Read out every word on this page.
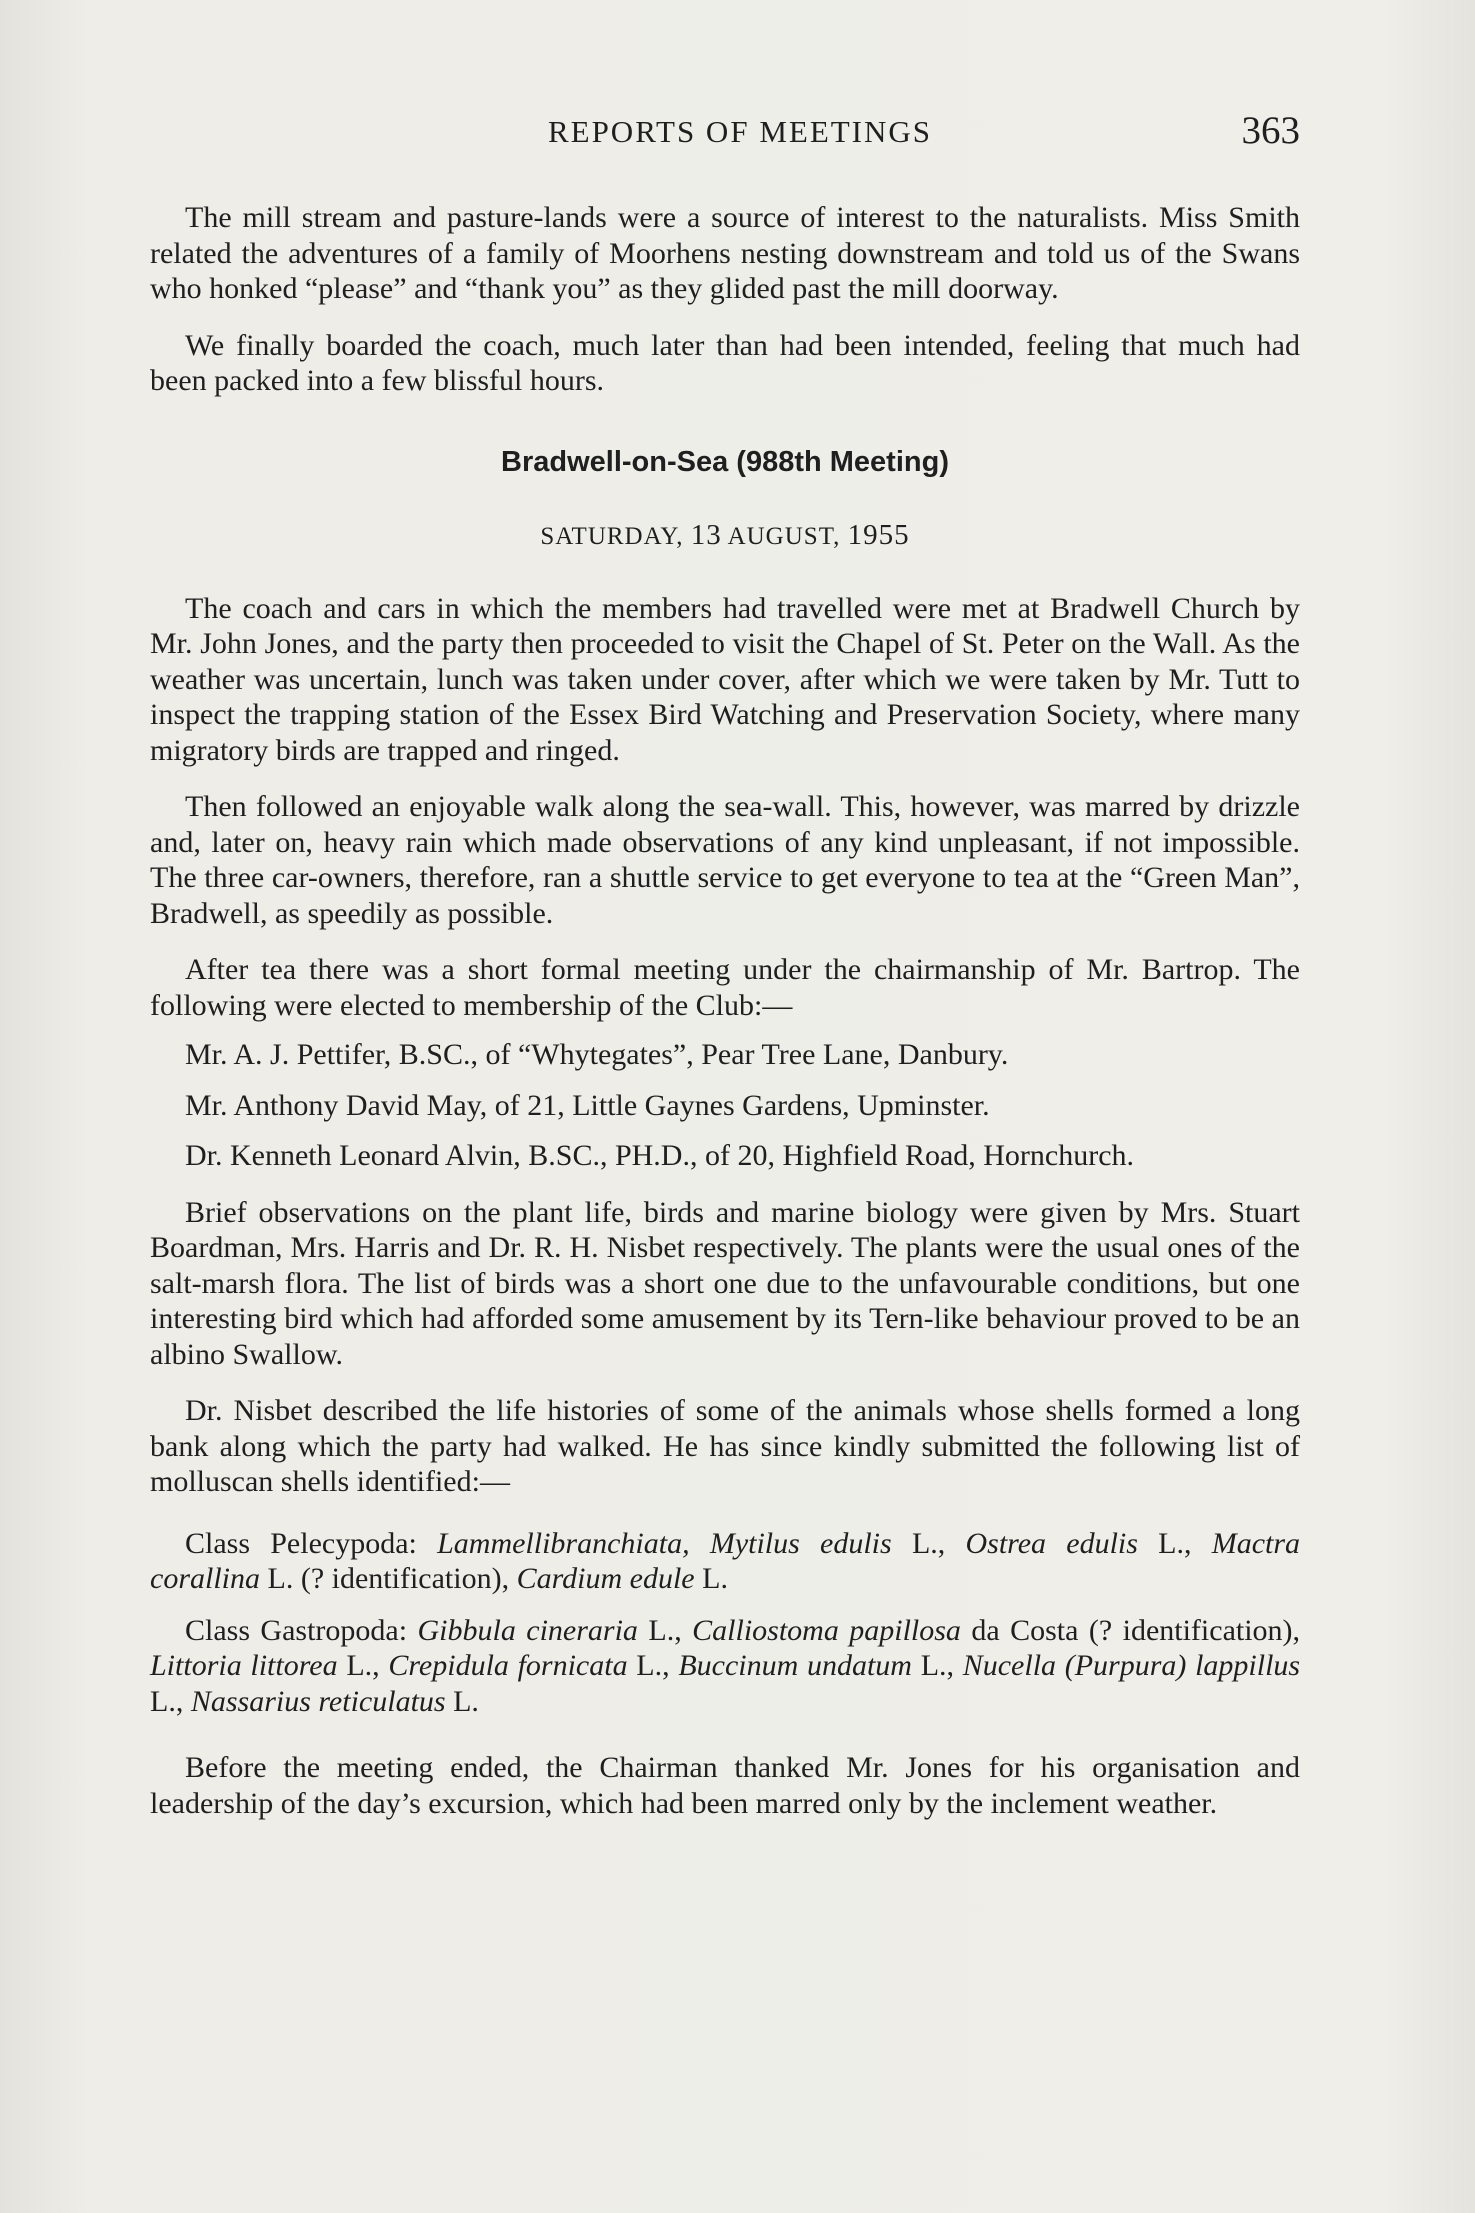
REPORTS OF MEETINGS	363

The mill stream and pasture-lands were a source of interest to the naturalists. Miss Smith related the adventures of a family of Moorhens nesting downstream and told us of the Swans who honked “please” and “thank you” as they glided past the mill doorway.

We finally boarded the coach, much later than had been intended, feeling that much had been packed into a few blissful hours.

Bradwell-on-Sea (988th Meeting)
SATURDAY, 13 AUGUST, 1955

The coach and cars in which the members had travelled were met at Bradwell Church by Mr. John Jones, and the party then proceeded to visit the Chapel of St. Peter on the Wall. As the weather was uncertain, lunch was taken under cover, after which we were taken by Mr. Tutt to inspect the trapping station of the Essex Bird Watching and Preservation Society, where many migratory birds are trapped and ringed.

Then followed an enjoyable walk along the sea-wall. This, however, was marred by drizzle and, later on, heavy rain which made observations of any kind unpleasant, if not impossible. The three car-owners, therefore, ran a shuttle service to get everyone to tea at the “Green Man”, Bradwell, as speedily as possible.

After tea there was a short formal meeting under the chairmanship of Mr. Bartrop. The following were elected to membership of the Club:—

Mr. A. J. Pettifer, B.SC., of “Whytegates”, Pear Tree Lane, Danbury.

Mr. Anthony David May, of 21, Little Gaynes Gardens, Upminster.

Dr. Kenneth Leonard Alvin, B.SC., PH.D., of 20, Highfield Road, Hornchurch.

Brief observations on the plant life, birds and marine biology were given by Mrs. Stuart Boardman, Mrs. Harris and Dr. R. H. Nisbet respectively. The plants were the usual ones of the salt-marsh flora. The list of birds was a short one due to the unfavourable conditions, but one interesting bird which had afforded some amusement by its Tern-like behaviour proved to be an albino Swallow.

Dr. Nisbet described the life histories of some of the animals whose shells formed a long bank along which the party had walked. He has since kindly submitted the following list of molluscan shells identified:—

Class Pelecypoda: Lammellibranchiata, Mytilus edulis L., Ostrea edulis L., Mactra corallina L. (? identification), Cardium edule L.

Class Gastropoda: Gibbula cineraria L., Calliostoma papillosa da Costa (? identification), Littoria littorea L., Crepidula fornicata L., Buccinum undatum L., Nucella (Purpura) lappillus L., Nassarius reticulatus L.

Before the meeting ended, the Chairman thanked Mr. Jones for his organisation and leadership of the day’s excursion, which had been marred only by the inclement weather.
